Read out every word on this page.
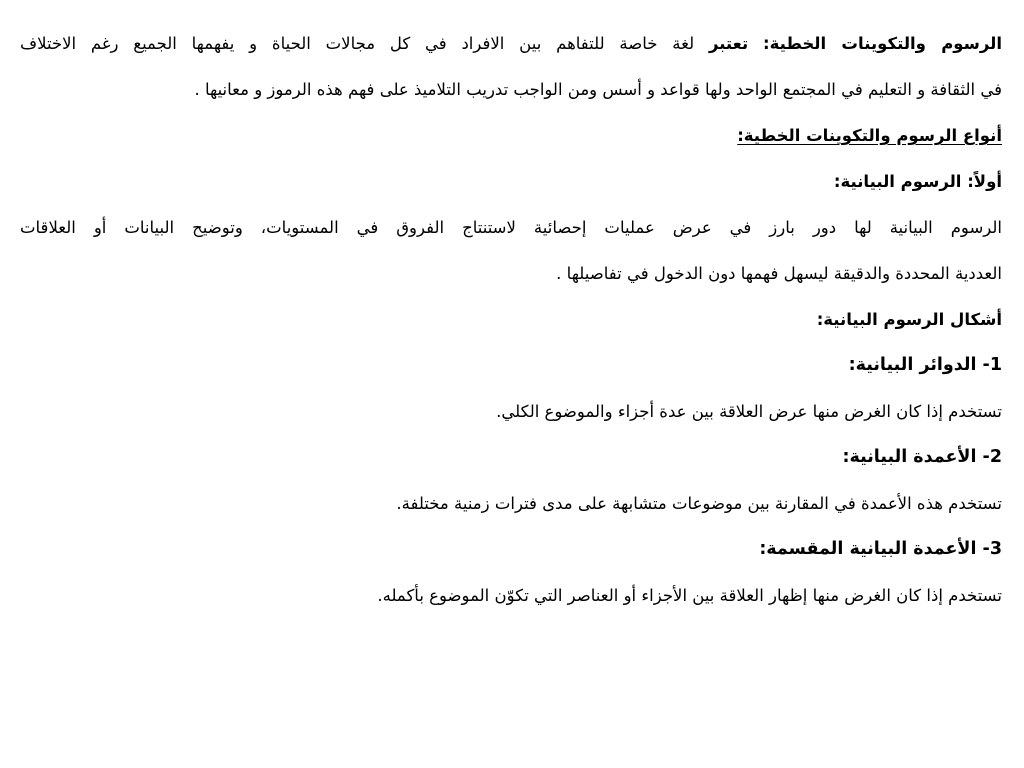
الرسوم والتكوينات الخطية: تعتبر لغة خاصة للتفاهم بين الافراد في كل مجالات الحياة و يفهمها الجميع رغم الاختلاف

في الثقافة و التعليم في المجتمع الواحد ولها قواعد و أسس ومن الواجب تدريب التلاميذ على فهم هذه الرموز و معانيها .

أنواع الرسوم والتكوينات الخطية:

أولاً: الرسوم البيانية:

الرسوم البيانية لها دور بارز في عرض عمليات إحصائية لاستنتاج الفروق في المستويات، وتوضيح البيانات أو العلاقات

العددية المحددة والدقيقة ليسهل فهمها دون الدخول في تفاصيلها .

أشكال الرسوم البيانية:

1- الدوائر البيانية:

تستخدم إذا كان الغرض منها عرض العلاقة بين عدة أجزاء والموضوع الكلي.

2- الأعمدة البيانية:

تستخدم هذه الأعمدة في المقارنة بين موضوعات متشابهة على مدى فترات زمنية مختلفة.

3- الأعمدة البيانية المقسمة:

تستخدم إذا كان الغرض منها إظهار العلاقة بين الأجزاء أو العناصر التي تكوّن الموضوع بأكمله.
